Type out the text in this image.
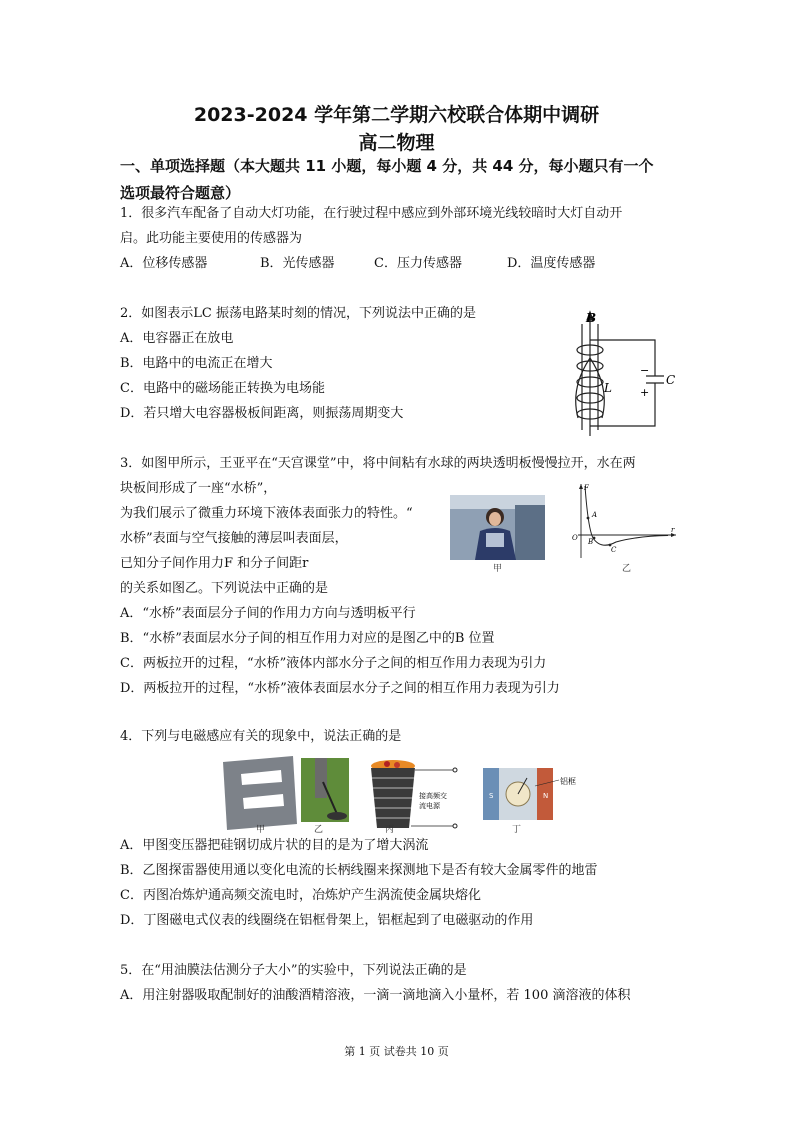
2023-2024 学年第二学期六校联合体期中调研
高二物理
一、单项选择题（本大题共 11 小题，每小题 4 分，共 44 分，每小题只有一个
选项最符合题意）
1．很多汽车配备了自动大灯功能，在行驶过程中感应到外部环境光线较暗时大灯自动开
启。此功能主要使用的传感器为
A．位移传感器	B．光传感器	C．压力传感器	D．温度传感器
2．如图表示LC 振荡电路某时刻的情况，下列说法中正确的是
A．电容器正在放电
B．电路中的电流正在增大
C．电路中的磁场能正转换为电场能
D．若只增大电容器极板间距离，则振荡周期变大
B
L
C
−
+
3．如图甲所示，王亚平在“天宫课堂”中，将中间粘有水球的两块透明板慢慢拉开，水在两
块板间形成了一座“水桥”，
为我们展示了微重力环境下液体表面张力的特性。“
水桥”表面与空气接触的薄层叫表面层，
已知分子间作用力F 和分子间距r
的关系如图乙。下列说法中正确的是
A．“水桥”表面层分子间的作用力方向与透明板平行
B．“水桥”表面层水分子间的相互作用力对应的是图乙中的B 位置
C．两板拉开的过程，“水桥”液体内部水分子之间的相互作用力表现为引力
D．两板拉开的过程，“水桥”液体表面层水分子之间的相互作用力表现为引力
甲
F
A
O B
C
r
乙
4．下列与电磁感应有关的现象中，说法正确的是
接高频交
流电源
S	N
铝框
甲	乙	丙	丁
A．甲图变压器把硅钢切成片状的目的是为了增大涡流
B．乙图探雷器使用通以变化电流的长柄线圈来探测地下是否有较大金属零件的地雷
C．丙图冶炼炉通高频交流电时，冶炼炉产生涡流使金属块熔化
D．丁图磁电式仪表的线圈绕在铝框骨架上，铝框起到了电磁驱动的作用
5．在“用油膜法估测分子大小”的实验中，下列说法正确的是
A．用注射器吸取配制好的油酸酒精溶液，一滴一滴地滴入小量杯，若 100 滴溶液的体积
第 1 页 试卷共 10 页
